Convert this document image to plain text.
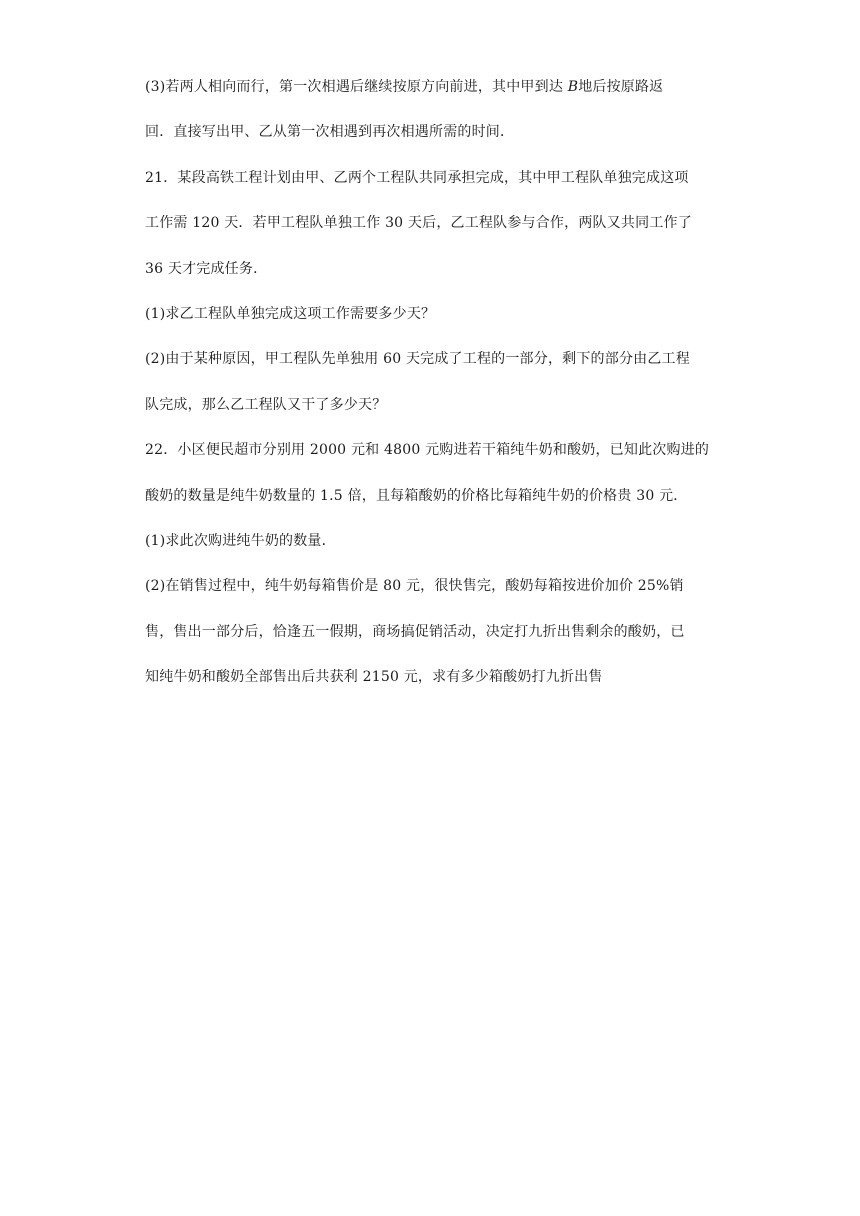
(3)若两人相向而行，第一次相遇后继续按原方向前进，其中甲到达 B地后按原路返
回．直接写出甲、乙从第一次相遇到再次相遇所需的时间．
21．某段高铁工程计划由甲、乙两个工程队共同承担完成，其中甲工程队单独完成这项
工作需 120 天．若甲工程队单独工作 30 天后，乙工程队参与合作，两队又共同工作了
36 天才完成任务．
(1)求乙工程队单独完成这项工作需要多少天？
(2)由于某种原因，甲工程队先单独用 60 天完成了工程的一部分，剩下的部分由乙工程
队完成，那么乙工程队又干了多少天？
22．小区便民超市分别用 2000 元和 4800 元购进若干箱纯牛奶和酸奶，已知此次购进的
酸奶的数量是纯牛奶数量的 1.5 倍，且每箱酸奶的价格比每箱纯牛奶的价格贵 30 元．
(1)求此次购进纯牛奶的数量．
(2)在销售过程中，纯牛奶每箱售价是 80 元，很快售完，酸奶每箱按进价加价 25%销
售，售出一部分后，恰逢五一假期，商场搞促销活动，决定打九折出售剩余的酸奶，已
知纯牛奶和酸奶全部售出后共获利 2150 元，求有多少箱酸奶打九折出售
